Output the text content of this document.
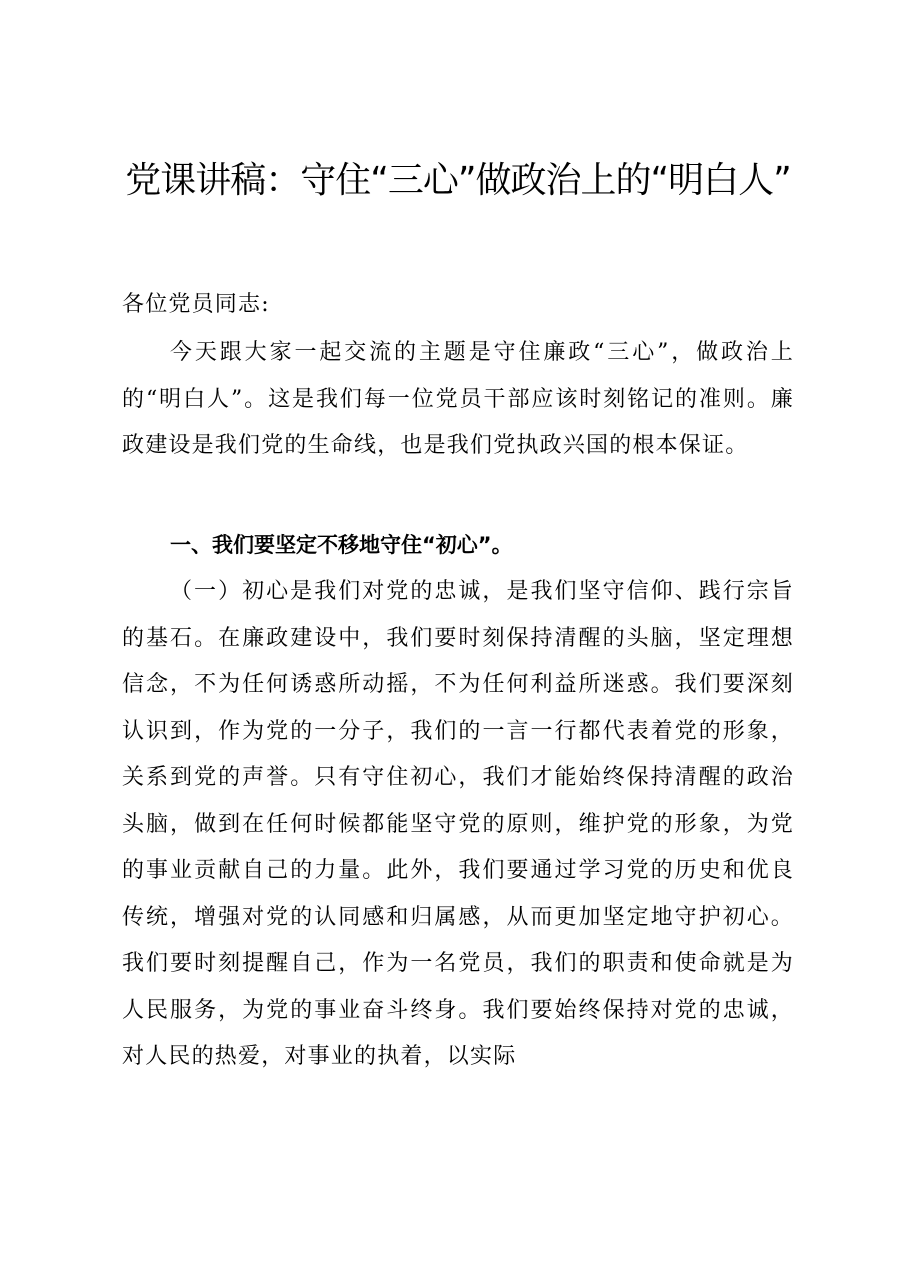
党课讲稿：守住“三心”做政治上的“明白人”

各位党员同志:

今天跟大家一起交流的主题是守住廉政“三心”，做政治上的“明白人”。这是我们每一位党员干部应该时刻铭记的准则。廉政建设是我们党的生命线，也是我们党执政兴国的根本保证。

一、我们要坚定不移地守住“初心”。

（一）初心是我们对党的忠诚，是我们坚守信仰、践行宗旨的基石。在廉政建设中，我们要时刻保持清醒的头脑，坚定理想信念，不为任何诱惑所动摇，不为任何利益所迷惑。我们要深刻认识到，作为党的一分子，我们的一言一行都代表着党的形象，关系到党的声誉。只有守住初心，我们才能始终保持清醒的政治头脑，做到在任何时候都能坚守党的原则，维护党的形象，为党的事业贡献自己的力量。此外，我们要通过学习党的历史和优良传统，增强对党的认同感和归属感，从而更加坚定地守护初心。我们要时刻提醒自己，作为一名党员，我们的职责和使命就是为人民服务，为党的事业奋斗终身。我们要始终保持对党的忠诚，对人民的热爱，对事业的执着，以实际
